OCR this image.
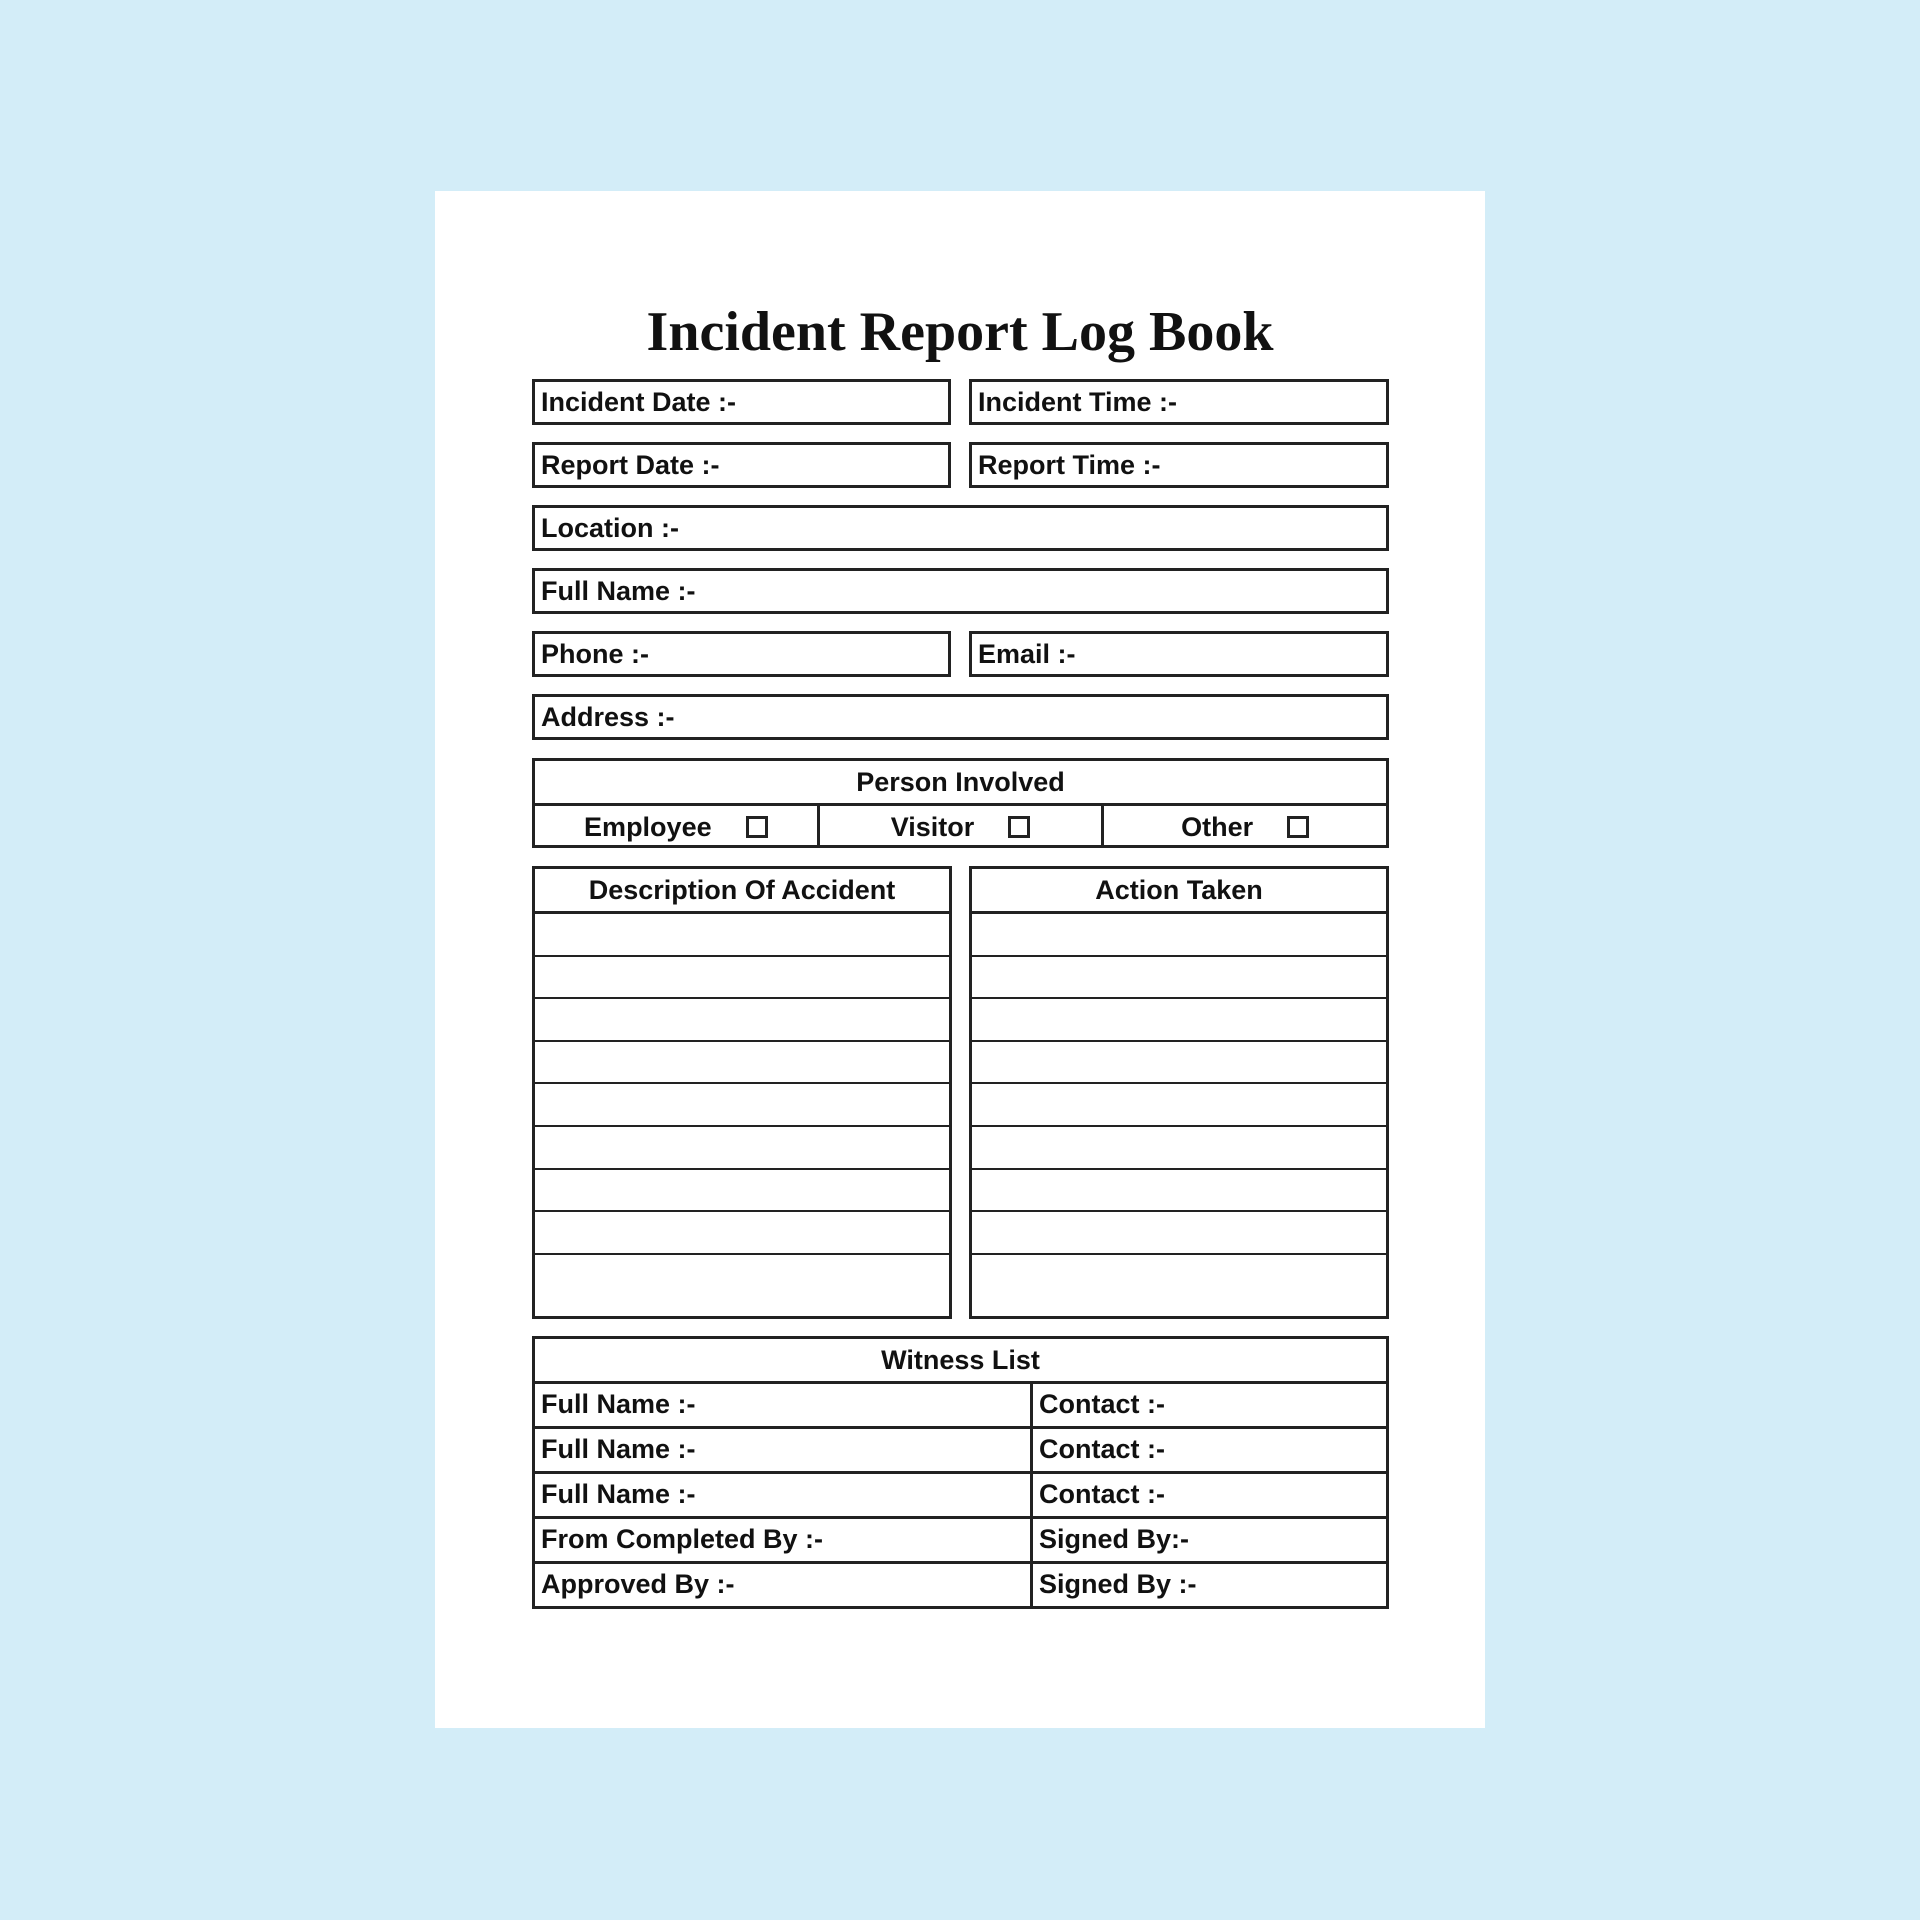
Incident Report Log Book
Incident Date :-	Incident Time :-
Report Date :-	Report Time :-
Location :-
Full Name :-
Phone :-	Email :-
Address :-
Person Involved
Employee	Visitor	Other
Description Of Accident	Action Taken
Witness List
Full Name :-	Contact :-
Full Name :-	Contact :-
Full Name :-	Contact :-
From Completed By :-	Signed By:-
Approved By :-	Signed By :-
